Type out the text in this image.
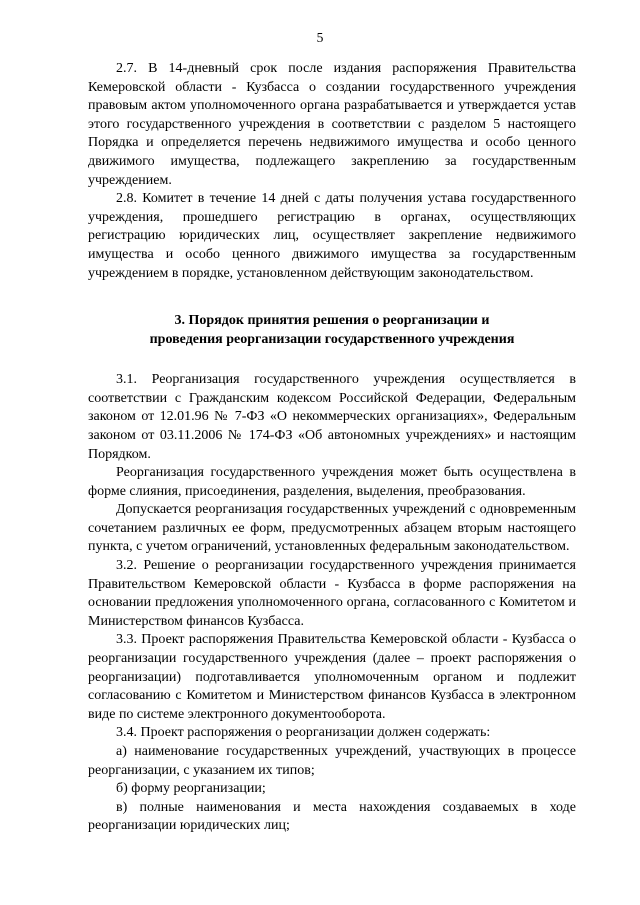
5

2.7. В 14-дневный срок после издания распоряжения Правительства Кемеровской области - Кузбасса о создании государственного учреждения правовым актом уполномоченного органа разрабатывается и утверждается устав этого государственного учреждения в соответствии с разделом 5 настоящего Порядка и определяется перечень недвижимого имущества и особо ценного движимого имущества, подлежащего закреплению за государственным учреждением.

2.8. Комитет в течение 14 дней с даты получения устава государственного учреждения, прошедшего регистрацию в органах, осуществляющих регистрацию юридических лиц, осуществляет закрепление недвижимого имущества и особо ценного движимого имущества за государственным учреждением в порядке, установленном действующим законодательством.

3. Порядок принятия решения о реорганизации и
проведения реорганизации государственного учреждения

3.1. Реорганизация государственного учреждения осуществляется в соответствии с Гражданским кодексом Российской Федерации, Федеральным законом от 12.01.96 № 7-ФЗ «О некоммерческих организациях», Федеральным законом от 03.11.2006 № 174-ФЗ «Об автономных учреждениях» и настоящим Порядком.

Реорганизация государственного учреждения может быть осуществлена в форме слияния, присоединения, разделения, выделения, преобразования.

Допускается реорганизация государственных учреждений с одновременным сочетанием различных ее форм, предусмотренных абзацем вторым настоящего пункта, с учетом ограничений, установленных федеральным законодательством.

3.2. Решение о реорганизации государственного учреждения принимается Правительством Кемеровской области - Кузбасса в форме распоряжения на основании предложения уполномоченного органа, согласованного с Комитетом и Министерством финансов Кузбасса.

3.3. Проект распоряжения Правительства Кемеровской области - Кузбасса о реорганизации государственного учреждения (далее – проект распоряжения о реорганизации) подготавливается уполномоченным органом и подлежит согласованию с Комитетом и Министерством финансов Кузбасса в электронном виде по системе электронного документооборота.

3.4. Проект распоряжения о реорганизации должен содержать:

а) наименование государственных учреждений, участвующих в процессе реорганизации, с указанием их типов;

б) форму реорганизации;

в) полные наименования и места нахождения создаваемых в ходе реорганизации юридических лиц;
